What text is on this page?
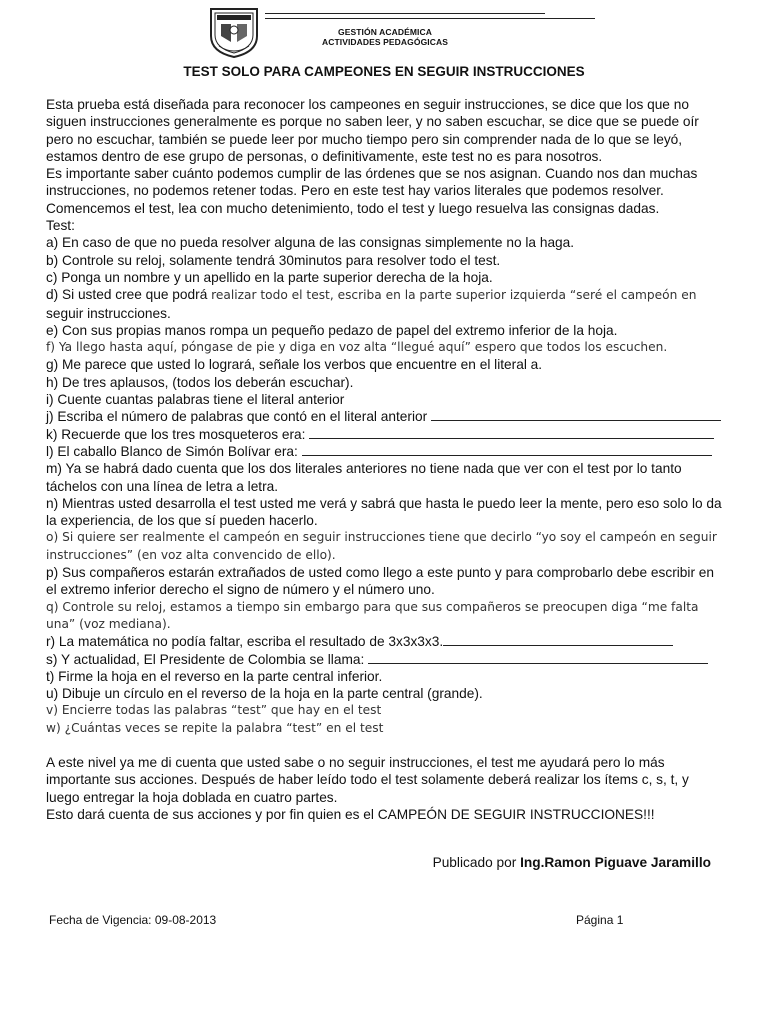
GESTIÓN ACADÉMICA
ACTIVIDADES PEDAGÓGICAS
TEST SOLO PARA CAMPEONES EN SEGUIR INSTRUCCIONES

Esta prueba está diseñada para reconocer los campeones en seguir instrucciones, se dice que los que no siguen instrucciones generalmente es porque no saben leer, y no saben escuchar, se dice que se puede oír pero no escuchar, también se puede leer por mucho tiempo pero sin comprender nada de lo que se leyó, estamos dentro de ese grupo de personas, o definitivamente, este test no es para nosotros.

Es importante saber cuánto podemos cumplir de las órdenes que se nos asignan. Cuando nos dan muchas instrucciones, no podemos retener todas. Pero en este test hay varios literales que podemos resolver.

Comencemos el test, lea con mucho detenimiento, todo el test y luego resuelva las consignas dadas.

Test:

a) En caso de que no pueda resolver alguna de las consignas simplemente no la haga.

b) Controle su reloj, solamente tendrá 30minutos para resolver todo el test.

c) Ponga un nombre y un apellido en la parte superior derecha de la hoja.

d) Si usted cree que podrá realizar todo el test, escriba en la parte superior izquierda “seré el campeón en
seguir instrucciones.

e) Con sus propias manos rompa un pequeño pedazo de papel del extremo inferior de la hoja.

f) Ya llego hasta aquí, póngase de pie y diga en voz alta “llegué aquí” espero que todos los escuchen.

g) Me parece que usted lo logrará, señale los verbos que encuentre en el literal a.

h) De tres aplausos, (todos los deberán escuchar).

i) Cuente cuantas palabras tiene el literal anterior

j) Escriba el número de palabras que contó en el literal anterior

k) Recuerde que los tres mosqueteros era:

l) El caballo Blanco de Simón Bolívar era:

m) Ya se habrá dado cuenta que los dos literales anteriores no tiene nada que ver con el test por lo tanto táchelos con una línea de letra a letra.

n) Mientras usted desarrolla el test usted me verá y sabrá que hasta le puedo leer la mente, pero eso solo lo da la experiencia, de los que sí pueden hacerlo.

o) Si quiere ser realmente el campeón en seguir instrucciones tiene que decirlo “yo soy el campeón en seguir instrucciones” (en voz alta convencido de ello).

p) Sus compañeros estarán extrañados de usted como llego a este punto y para comprobarlo debe escribir en el extremo inferior derecho el signo de número y el número uno.

q) Controle su reloj, estamos a tiempo sin embargo para que sus compañeros se preocupen diga “me falta una” (voz mediana).

r) La matemática no podía faltar, escriba el resultado de 3x3x3x3.

s) Y actualidad, El Presidente de Colombia se llama:

t) Firme la hoja en el reverso en la parte central inferior.

u) Dibuje un círculo en el reverso de la hoja en la parte central (grande).

v) Encierre todas las palabras “test” que hay en el test

w) ¿Cuántas veces se repite la palabra “test” en el test

A este nivel ya me di cuenta que usted sabe o no seguir instrucciones, el test me ayudará pero lo más importante sus acciones. Después de haber leído todo el test solamente deberá realizar los ítems c, s, t, y luego entregar la hoja doblada en cuatro partes.

Esto dará cuenta de sus acciones y por fin quien es el CAMPEÓN DE SEGUIR INSTRUCCIONES!!!

Publicado por Ing.Ramon Piguave Jaramillo
Fecha de Vigencia: 09-08-2013	Página 1
